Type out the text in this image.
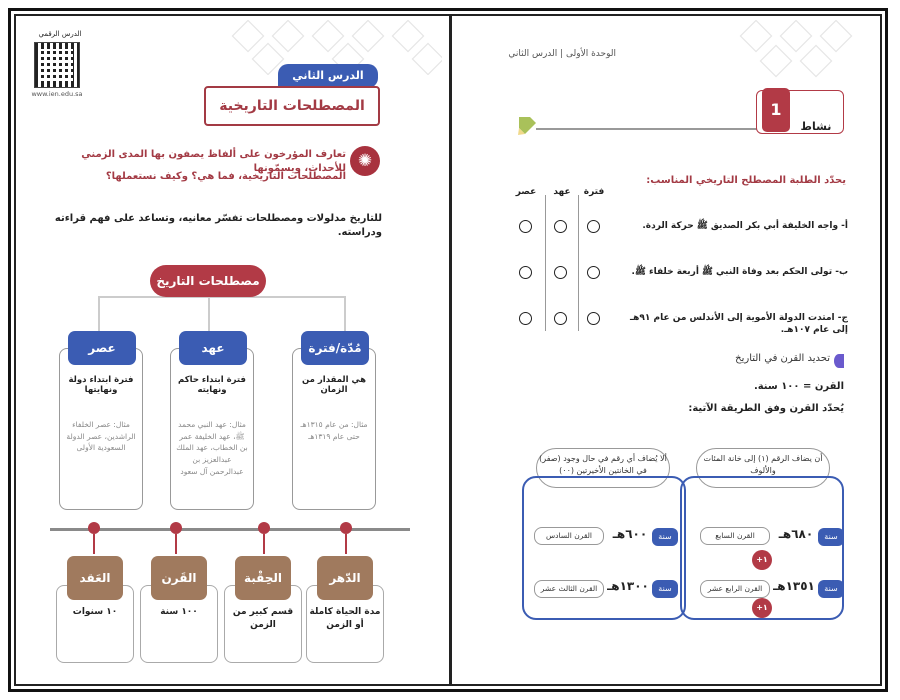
الدرس الرقمي
www.ien.edu.sa
الدرس الثاني
المصطلحات التاريخية
✺
تعارف المؤرخون على ألفاظ يصفون بها المدى الزمني للأحداث، ويسمّونها
المصطلحات التاريخية، فما هي؟ وكيف نستعملها؟
للتاريخ مدلولات ومصطلحات تفسّر معانيه، وتساعد على فهم قراءته ودراسته.
مصطلحات التاريخ
عصر
فترة ابتداء دولة ونهايتها
مثال: عصر الخلفاء الراشدين، عصر الدولة السعودية الأولى
عهد
فترة ابتداء حاكم ونهايته
مثال: عهد النبي محمد ﷺ، عهد الخليفة عمر بن الخطاب، عهد الملك عبدالعزيز بن عبدالرحمن آل سعود
مُدّة/فترة
هي المقدار من الزمان
مثال: من عام ١٣١٥هـ حتى عام ١٣١٩هـ
العَقد
١٠ سنوات
القَرن
١٠٠ سنة
الحِقْبة
قسم كبير من الزمن
الدّهر
مدة الحياة كاملة أو الزمن
الوحدة الأولى | الدرس الثاني
نشاط
1
يحدّد الطلبة المصطلح التاريخي المناسب:
فترة
عهد
عصر
أ- واجه الخليفة أبي بكر الصديق ﷺ حركة الردة.
ب- تولى الحكم بعد وفاة النبي ﷺ أربعة خلفاء ﷺ.
ج- امتدت الدولة الأموية إلى الأندلس من عام ٩١هـ إلى عام ١٠٧هـ.
تحديد القرن في التاريخ
القرن = ١٠٠ سنة.
يُحدّد القرن وفق الطريقة الآتية:
أن يضاف الرقم (١) إلى خانة المئات والألوف
ألا يُضاف أي رقم في حال وجود (صفر) في الخانتين الأخيرتين (٠٠)
سنة
٦٨٠هـ
القرن السابع
+١
سنة
١٣٥١هـ
القرن الرابع عشر
+١
سنة
٦٠٠هـ
القرن السادس
سنة
١٣٠٠هـ
القرن الثالث عشر
